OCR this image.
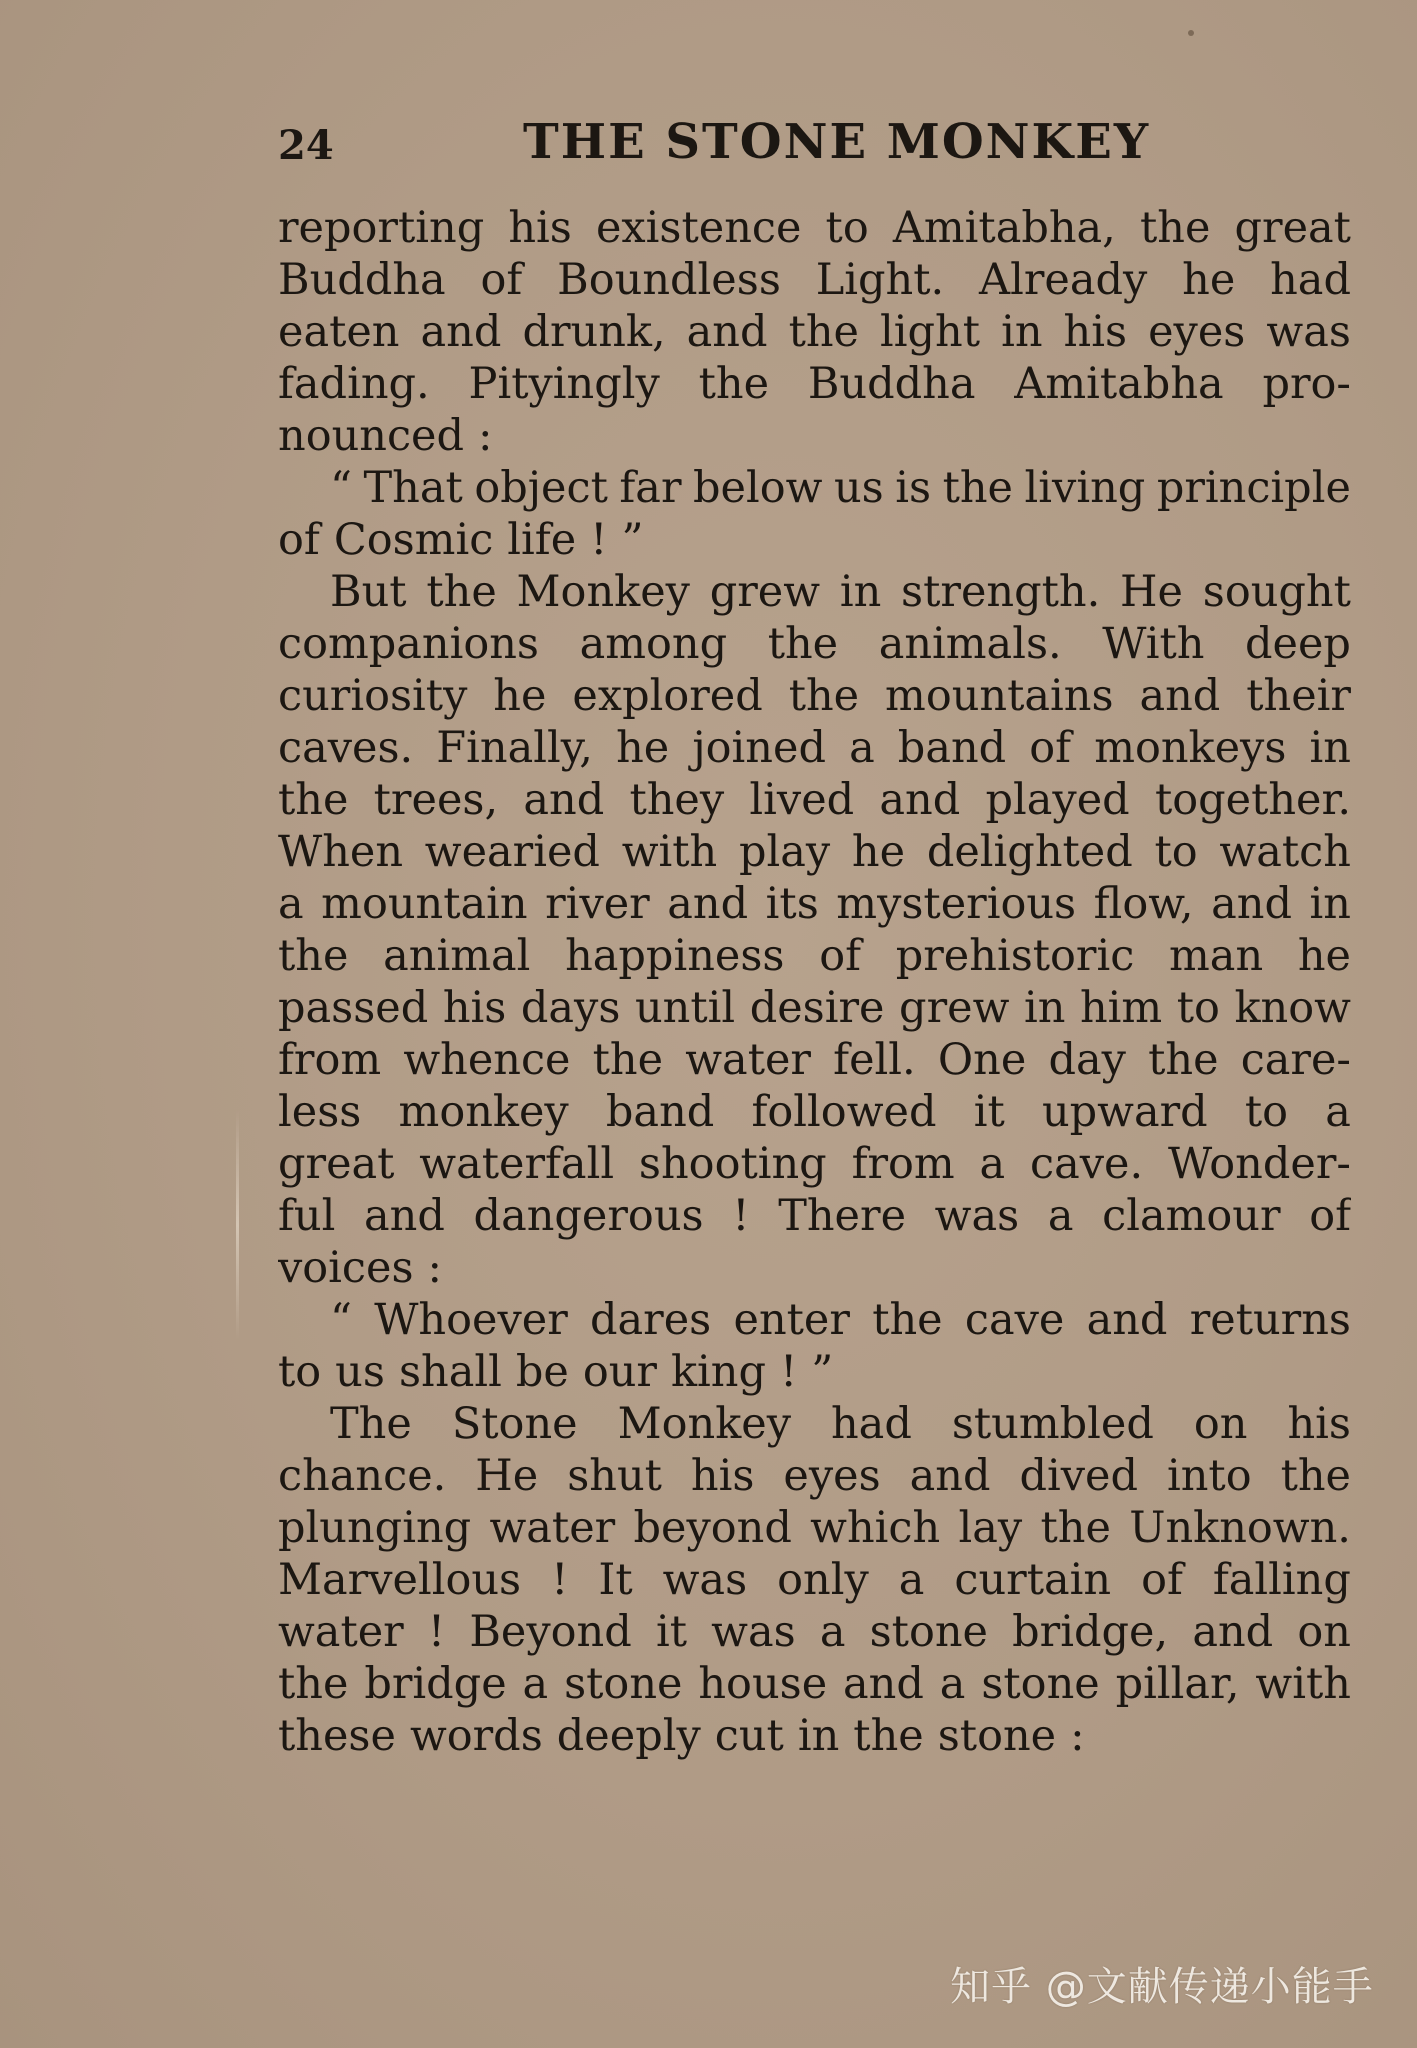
24	THE STONE MONKEY
reporting his existence to Amitabha, the great
Buddha of Boundless Light. Already he had
eaten and drunk, and the light in his eyes was
fading. Pityingly the Buddha Amitabha pro-
nounced :
“ That object far below us is the living principle
of Cosmic life ! ”
But the Monkey grew in strength. He sought
companions among the animals. With deep
curiosity he explored the mountains and their
caves. Finally, he joined a band of monkeys in
the trees, and they lived and played together.
When wearied with play he delighted to watch
a mountain river and its mysterious flow, and in
the animal happiness of prehistoric man he
passed his days until desire grew in him to know
from whence the water fell. One day the care-
less monkey band followed it upward to a
great waterfall shooting from a cave. Wonder-
ful and dangerous ! There was a clamour of
voices :
“ Whoever dares enter the cave and returns
to us shall be our king ! ”
The Stone Monkey had stumbled on his
chance. He shut his eyes and dived into the
plunging water beyond which lay the Unknown.
Marvellous ! It was only a curtain of falling
water ! Beyond it was a stone bridge, and on
the bridge a stone house and a stone pillar, with
these words deeply cut in the stone :
知乎 @文献传递小能手
